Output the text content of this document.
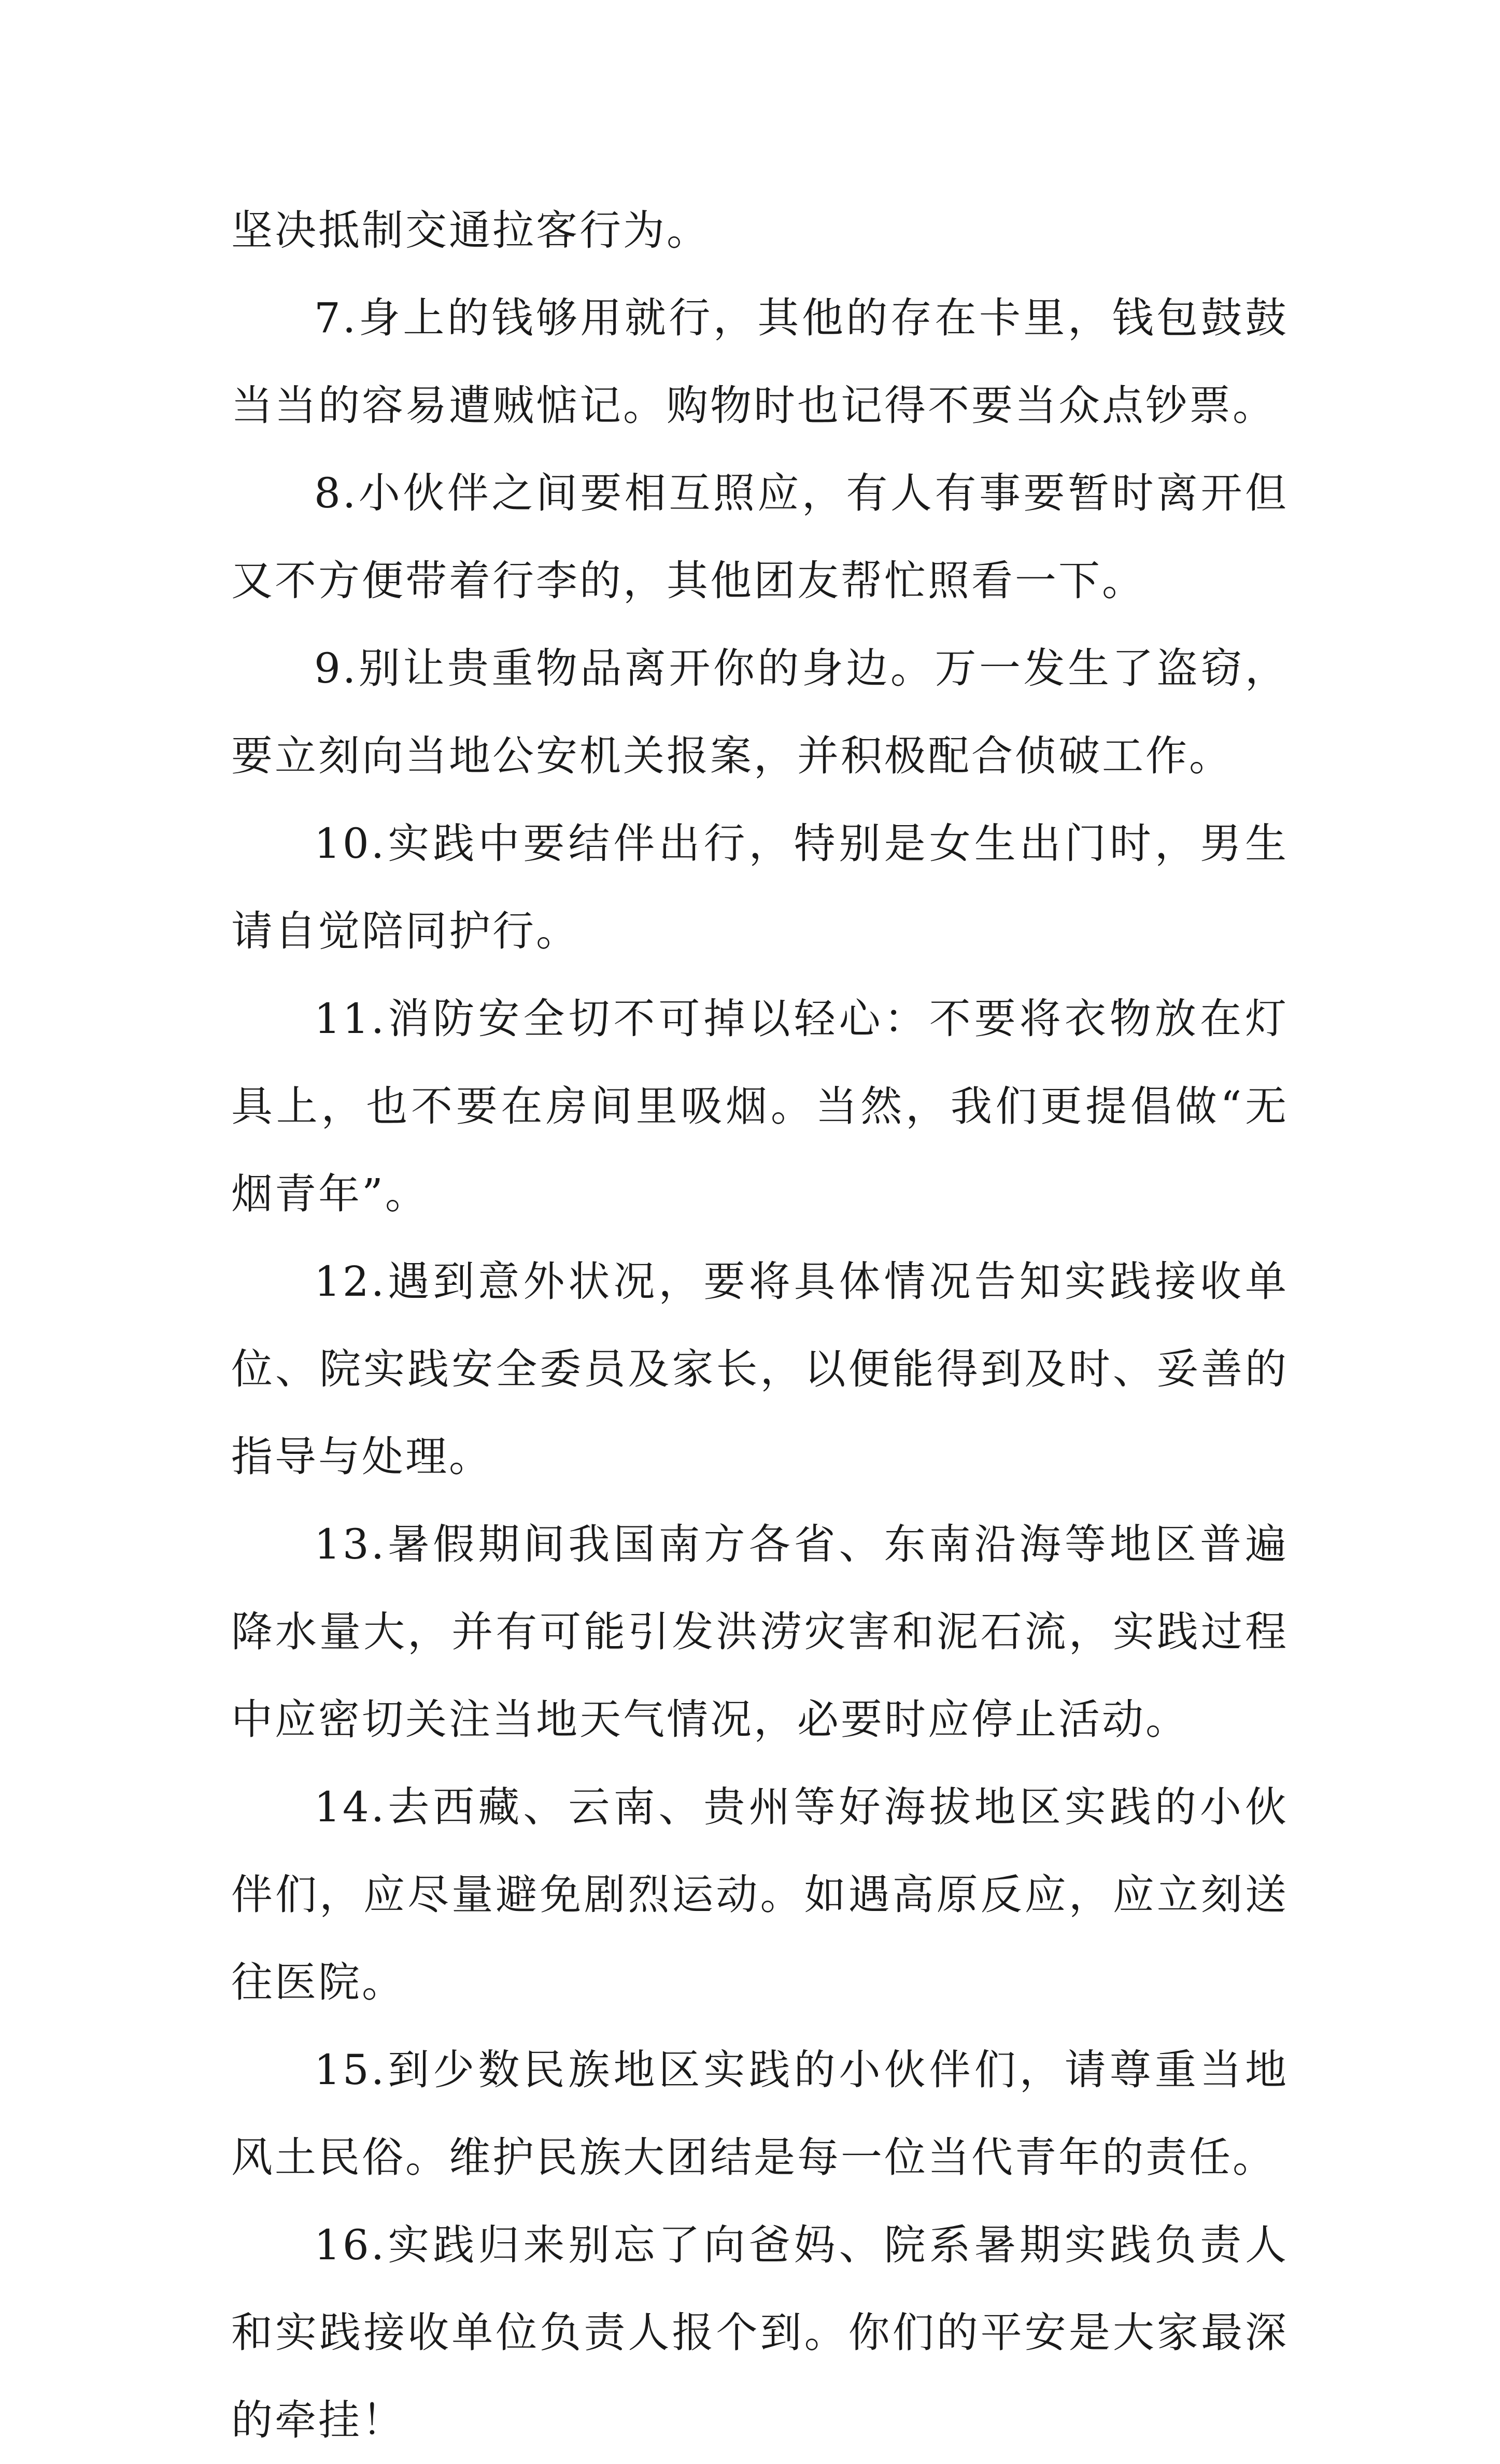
坚决抵制交通拉客行为。

7.身上的钱够用就行，其他的存在卡里，钱包鼓鼓当当的容易遭贼惦记。购物时也记得不要当众点钞票。

8.小伙伴之间要相互照应，有人有事要暂时离开但又不方便带着行李的，其他团友帮忙照看一下。

9.别让贵重物品离开你的身边。万一发生了盗窃，要立刻向当地公安机关报案，并积极配合侦破工作。

10.实践中要结伴出行，特别是女生出门时，男生请自觉陪同护行。

11.消防安全切不可掉以轻心：不要将衣物放在灯具上，也不要在房间里吸烟。当然，我们更提倡做“无烟青年”。

12.遇到意外状况，要将具体情况告知实践接收单位、院实践安全委员及家长，以便能得到及时、妥善的指导与处理。

13.暑假期间我国南方各省、东南沿海等地区普遍降水量大，并有可能引发洪涝灾害和泥石流，实践过程中应密切关注当地天气情况，必要时应停止活动。

14.去西藏、云南、贵州等好海拔地区实践的小伙伴们，应尽量避免剧烈运动。如遇高原反应，应立刻送往医院。

15.到少数民族地区实践的小伙伴们，请尊重当地风土民俗。维护民族大团结是每一位当代青年的责任。

16.实践归来别忘了向爸妈、院系暑期实践负责人和实践接收单位负责人报个到。你们的平安是大家最深的牵挂！
